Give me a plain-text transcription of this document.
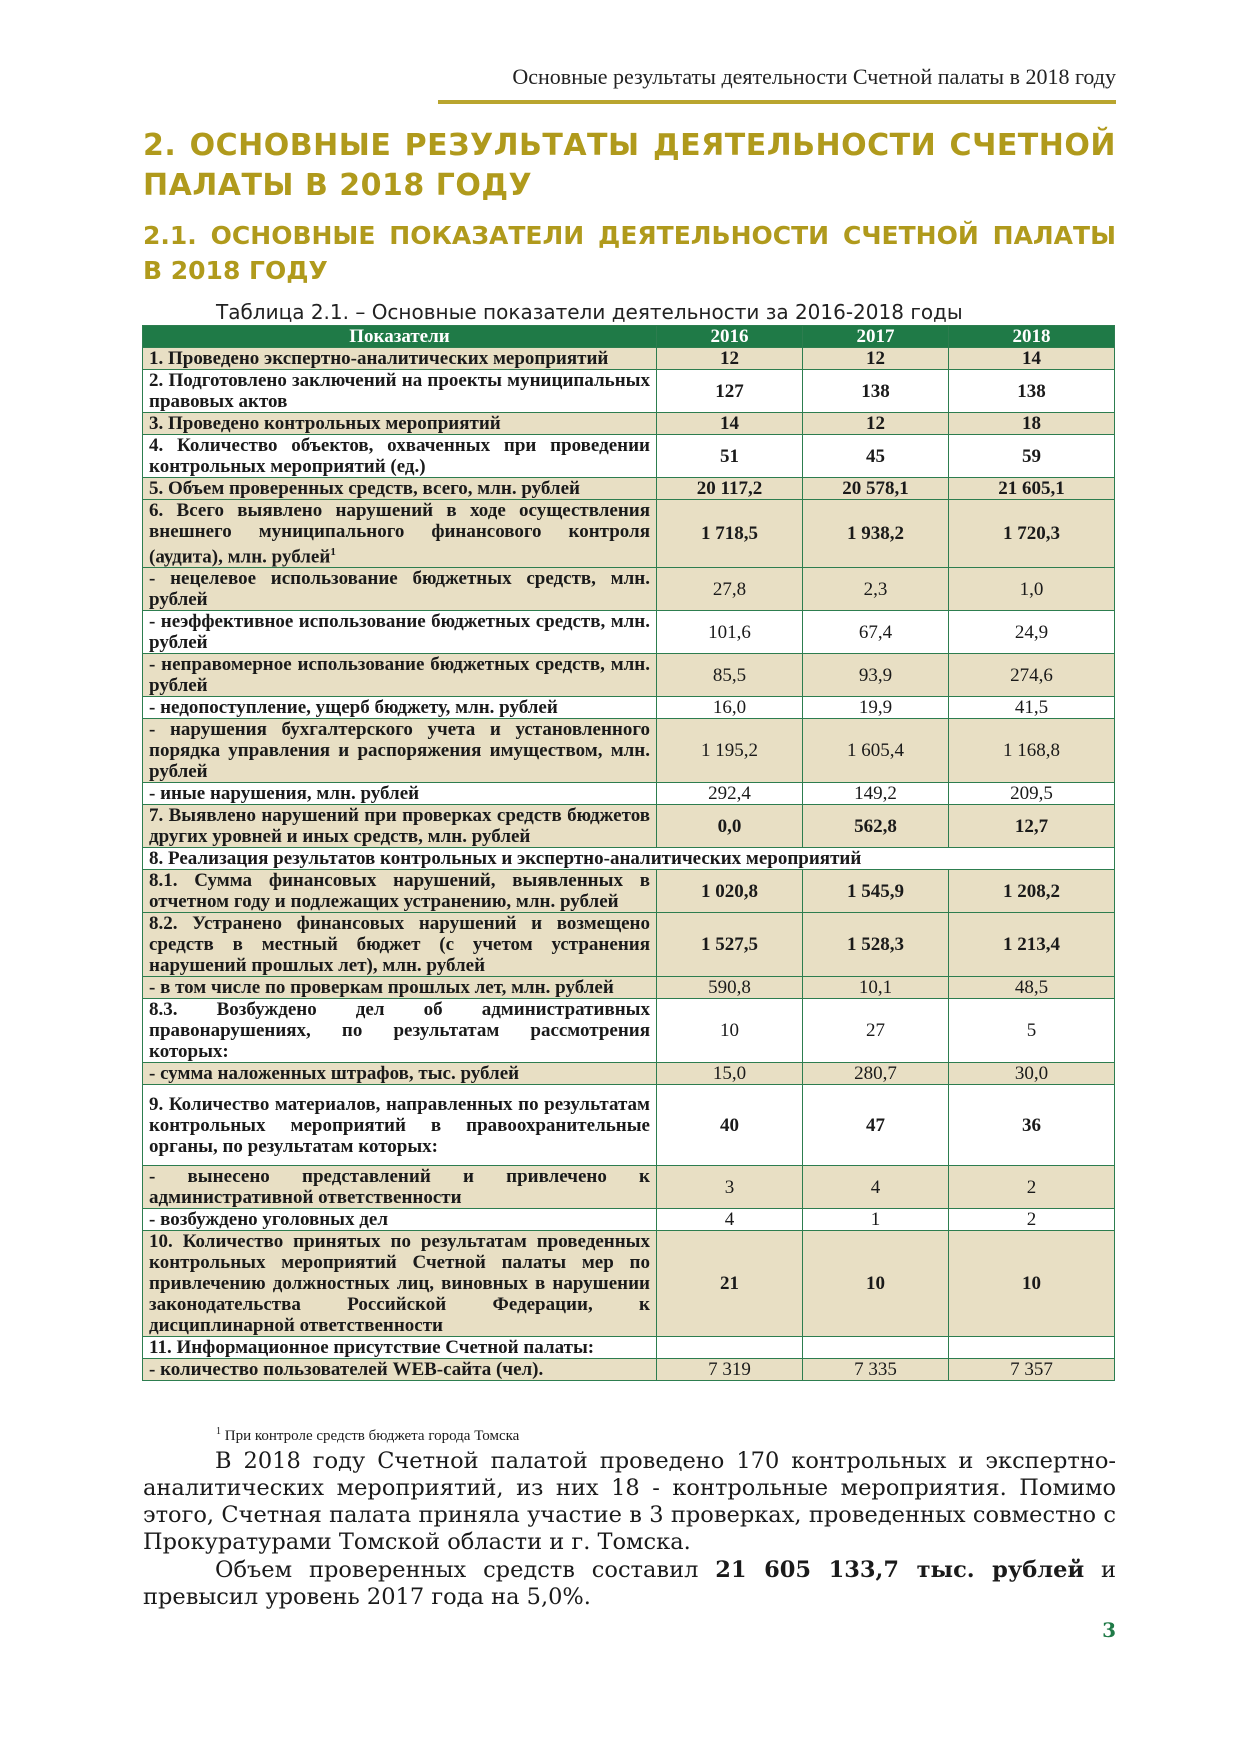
Основные результаты деятельности Счетной палаты в 2018 году
2. ОСНОВНЫЕ РЕЗУЛЬТАТЫ ДЕЯТЕЛЬНОСТИ СЧЕТНОЙ ПАЛАТЫ В 2018 ГОДУ
2.1. ОСНОВНЫЕ ПОКАЗАТЕЛИ ДЕЯТЕЛЬНОСТИ СЧЕТНОЙ ПАЛАТЫ В 2018 ГОДУ
Таблица 2.1. – Основные показатели деятельности за 2016-2018 годы
Показатели	2016	2017	2018
1. Проведено экспертно-аналитических мероприятий	12	12	14
2. Подготовлено заключений на проекты муниципальных правовых актов	127	138	138
3. Проведено контрольных мероприятий	14	12	18
4. Количество объектов, охваченных при проведении контрольных мероприятий (ед.)	51	45	59
5. Объем проверенных средств, всего, млн. рублей	20 117,2	20 578,1	21 605,1
6. Всего выявлено нарушений в ходе осуществления внешнего муниципального финансового контроля (аудита), млн. рублей$^1$	1 718,5	1 938,2	1 720,3
- нецелевое использование бюджетных средств, млн. рублей	27,8	2,3	1,0
- неэффективное использование бюджетных средств, млн. рублей	101,6	67,4	24,9
- неправомерное использование бюджетных средств, млн. рублей	85,5	93,9	274,6
- недопоступление, ущерб бюджету, млн. рублей	16,0	19,9	41,5
- нарушения бухгалтерского учета и установленного порядка управления и распоряжения имуществом, млн. рублей	1 195,2	1 605,4	1 168,8
- иные нарушения, млн. рублей	292,4	149,2	209,5
7. Выявлено нарушений при проверках средств бюджетов других уровней и иных средств, млн. рублей	0,0	562,8	12,7
8. Реализация результатов контрольных и экспертно-аналитических мероприятий			
8.1. Сумма финансовых нарушений, выявленных в отчетном году и подлежащих устранению, млн. рублей	1 020,8	1 545,9	1 208,2
8.2. Устранено финансовых нарушений и возмещено средств в местный бюджет (с учетом устранения нарушений прошлых лет), млн. рублей	1 527,5	1 528,3	1 213,4
- в том числе по проверкам прошлых лет, млн. рублей	590,8	10,1	48,5
8.3. Возбуждено дел об административных правонарушениях, по результатам рассмотрения которых:	10	27	5
- сумма наложенных штрафов, тыс. рублей	15,0	280,7	30,0
9. Количество материалов, направленных по результатам контрольных мероприятий в правоохранительные органы, по результатам которых:	40	47	36
- вынесено представлений и привлечено к административной ответственности	3	4	2
- возбуждено уголовных дел	4	1	2
10. Количество принятых по результатам проведенных контрольных мероприятий Счетной палаты мер по привлечению должностных лиц, виновных в нарушении законодательства Российской Федерации, к дисциплинарной ответственности	21	10	10
11. Информационное присутствие Счетной палаты:			
- количество пользователей WEB-сайта (чел).	7 319	7 335	7 357
$^1$ При контроле средств бюджета города Томска
В 2018 году Счетной палатой проведено 170 контрольных и экспертно-аналитических мероприятий, из них 18 - контрольные мероприятия. Помимо этого, Счетная палата приняла участие в 3 проверках, проведенных совместно с Прокуратурами Томской области и г. Томска.
Объем проверенных средств составил 21 605 133,7 тыс. рублей и превысил уровень 2017 года на 5,0%.
3
